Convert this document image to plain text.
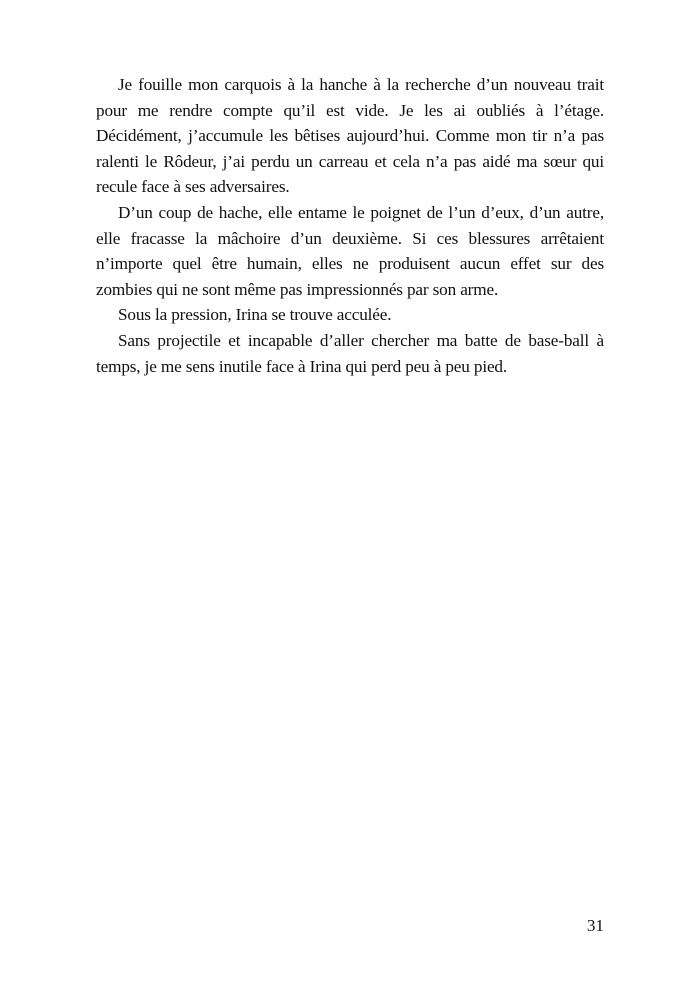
Je fouille mon carquois à la hanche à la recherche d’un nouveau trait pour me rendre compte qu’il est vide. Je les ai oubliés à l’étage. Décidément, j’accumule les bêtises aujourd’hui. Comme mon tir n’a pas ralenti le Rôdeur, j’ai perdu un carreau et cela n’a pas aidé ma sœur qui recule face à ses adversaires.

D’un coup de hache, elle entame le poignet de l’un d’eux, d’un autre, elle fracasse la mâchoire d’un deuxième. Si ces blessures arrêtaient n’importe quel être humain, elles ne produisent aucun effet sur des zombies qui ne sont même pas impressionnés par son arme.

Sous la pression, Irina se trouve acculée.

Sans projectile et incapable d’aller chercher ma batte de base-ball à temps, je me sens inutile face à Irina qui perd peu à peu pied.

31
